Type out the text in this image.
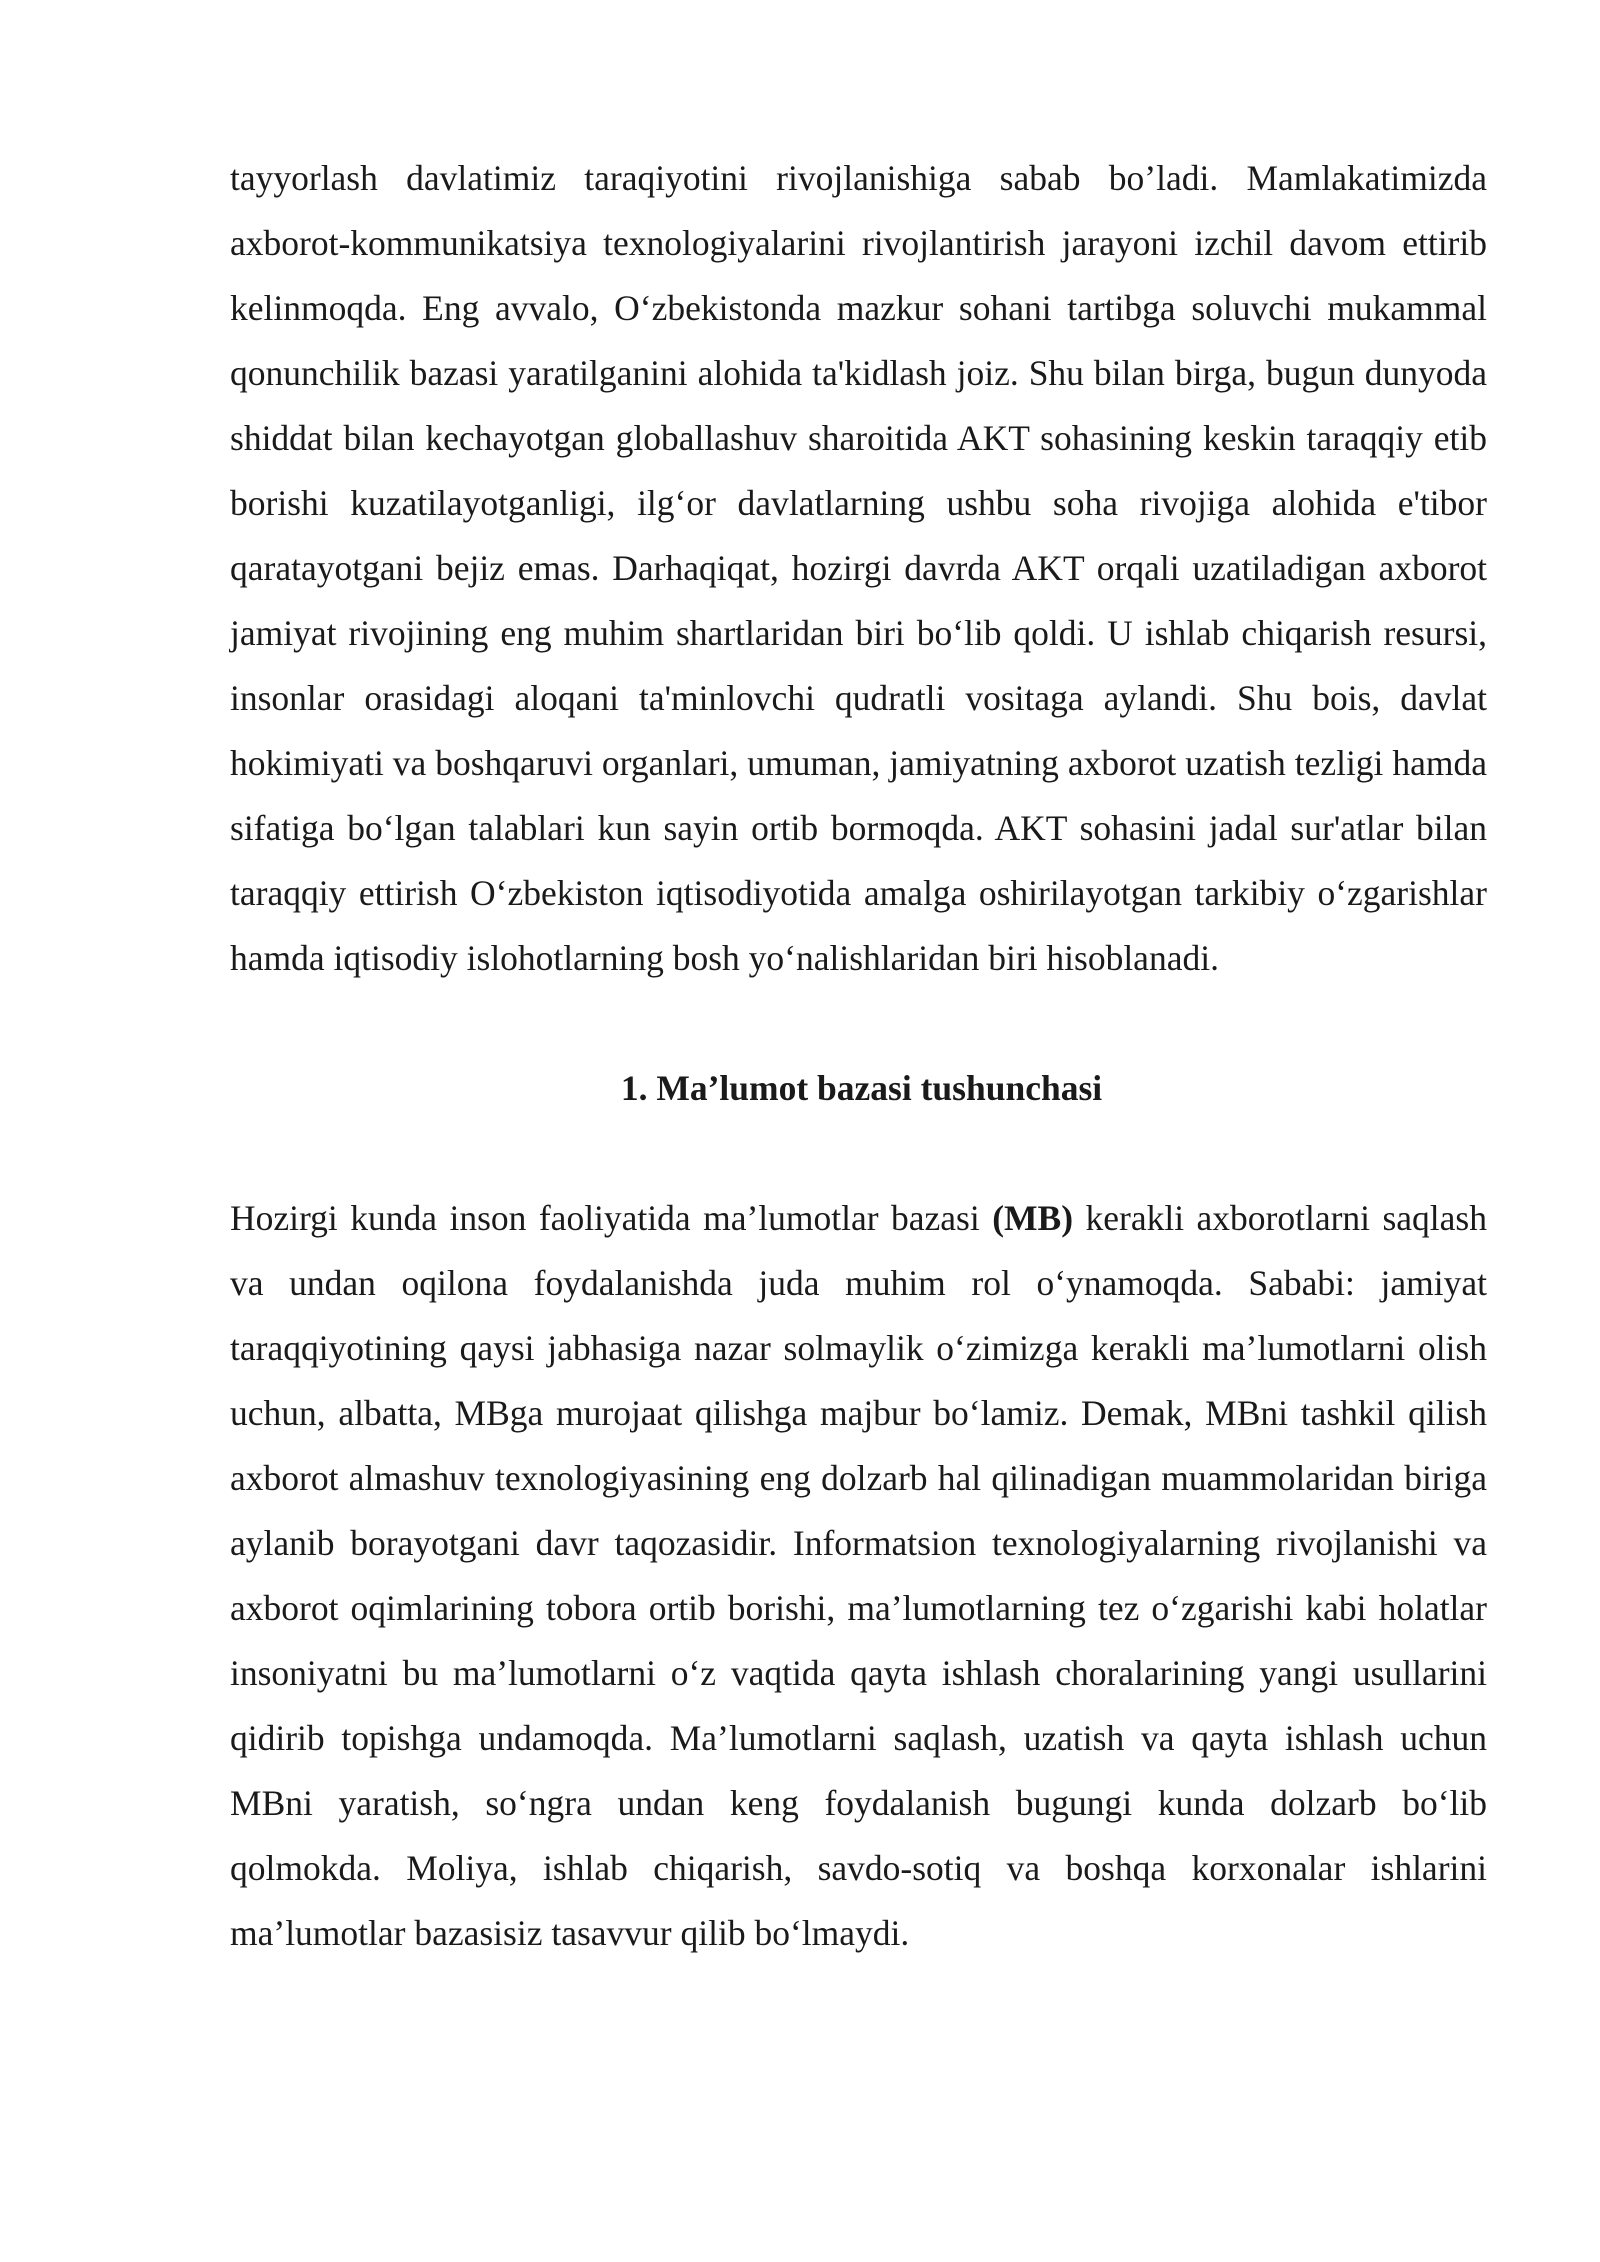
tayyorlash davlatimiz taraqiyotini rivojlanishiga sabab bo’ladi. Mamlakatimizda axborot-kommunikatsiya texnologiyalarini rivojlantirish jarayoni izchil davom ettirib kelinmoqda. Eng avvalo, O‘zbekistonda mazkur sohani tartibga soluvchi mukammal qonunchilik bazasi yaratilganini alohida ta'kidlash joiz. Shu bilan birga, bugun dunyoda shiddat bilan kechayotgan globallashuv sharoitida AKT sohasining keskin taraqqiy etib borishi kuzatilayotganligi, ilg‘or davlatlarning ushbu soha rivojiga alohida e'tibor qaratayotgani bejiz emas. Darhaqiqat, hozirgi davrda AKT orqali uzatiladigan axborot jamiyat rivojining eng muhim shartlaridan biri bo‘lib qoldi. U ishlab chiqarish resursi, insonlar orasidagi aloqani ta'minlovchi qudratli vositaga aylandi. Shu bois, davlat hokimiyati va boshqaruvi organlari, umuman, jamiyatning axborot uzatish tezligi hamda sifatiga bo‘lgan talablari kun sayin ortib bormoqda. AKT sohasini jadal sur'atlar bilan taraqqiy ettirish O‘zbekiston iqtisodiyotida amalga oshirilayotgan tarkibiy o‘zgarishlar hamda iqtisodiy islohotlarning bosh yo‘nalishlaridan biri hisoblanadi.

1. Ma’lumot bazasi tushunchasi

Hozirgi kunda inson faoliyatida ma’lumotlar bazasi (MB) kerakli axborotlarni saqlash va undan oqilona foydalanishda juda muhim rol o‘ynamoqda. Sababi: jamiyat taraqqiyotining qaysi jabhasiga nazar solmaylik o‘zimizga kerakli ma’lumotlarni olish uchun, albatta, MBga murojaat qilishga majbur bo‘lamiz. Demak, MBni tashkil qilish axborot almashuv texnologiyasining eng dolzarb hal qilinadigan muammolaridan biriga aylanib borayotgani davr taqozasidir. Informatsion texnologiyalarning rivojlanishi va axborot oqimlarining tobora ortib borishi, ma’lumotlarning tez o‘zgarishi kabi holatlar insoniyatni bu ma’lumotlarni o‘z vaqtida qayta ishlash choralarining yangi usullarini qidirib topishga undamoqda. Ma’lumotlarni saqlash, uzatish va qayta ishlash uchun MBni yaratish, so‘ngra undan keng foydalanish bugungi kunda dolzarb bo‘lib qolmokda. Moliya, ishlab chiqarish, savdo-sotiq va boshqa korxonalar ishlarini ma’lumotlar bazasisiz tasavvur qilib bo‘lmaydi.
